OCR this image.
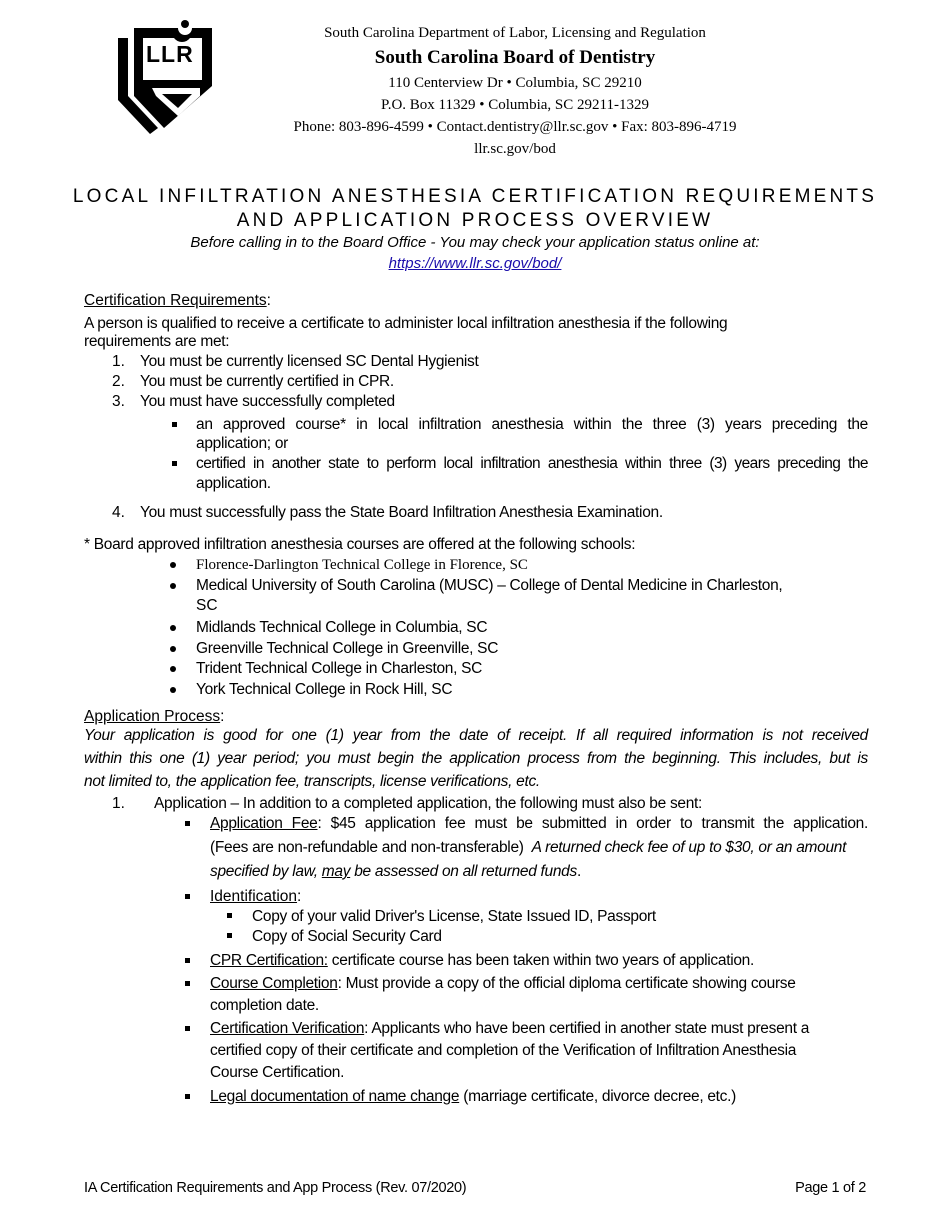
LLR
South Carolina Department of Labor, Licensing and Regulation
South Carolina Board of Dentistry
110 Centerview Dr • Columbia, SC 29210
P.O. Box 11329 • Columbia, SC 29211-1329
Phone: 803-896-4599 • Contact.dentistry@llr.sc.gov • Fax: 803-896-4719
llr.sc.gov/bod
LOCAL INFILTRATION ANESTHESIA CERTIFICATION REQUIREMENTS
AND APPLICATION PROCESS OVERVIEW
Before calling in to the Board Office - You may check your application status online at:
https://www.llr.sc.gov/bod/
Certification Requirements:
A person is qualified to receive a certificate to administer local infiltration anesthesia if the following
requirements are met:
1. You must be currently licensed SC Dental Hygienist
2. You must be currently certified in CPR.
3. You must have successfully completed
an approved course* in local infiltration anesthesia within the three (3) years preceding the
application; or
certified in another state to perform local infiltration anesthesia within three (3) years preceding the
application.
4. You must successfully pass the State Board Infiltration Anesthesia Examination.
* Board approved infiltration anesthesia courses are offered at the following schools:
Florence-Darlington Technical College in Florence, SC
Medical University of South Carolina (MUSC) – College of Dental Medicine in Charleston,
SC
Midlands Technical College in Columbia, SC
Greenville Technical College in Greenville, SC
Trident Technical College in Charleston, SC
York Technical College in Rock Hill, SC
Application Process:
Your application is good for one (1) year from the date of receipt. If all required information is not received
within this one (1) year period; you must begin the application process from the beginning. This includes, but is
not limited to, the application fee, transcripts, license verifications, etc.
1. Application – In addition to a completed application, the following must also be sent:
Application Fee: $45 application fee must be submitted in order to transmit the application.
(Fees are non-refundable and non-transferable) A returned check fee of up to $30, or an amount
specified by law, may be assessed on all returned funds.
Identification:
Copy of your valid Driver's License, State Issued ID, Passport
Copy of Social Security Card
CPR Certification: certificate course has been taken within two years of application.
Course Completion: Must provide a copy of the official diploma certificate showing course
completion date.
Certification Verification: Applicants who have been certified in another state must present a
certified copy of their certificate and completion of the Verification of Infiltration Anesthesia
Course Certification.
Legal documentation of name change (marriage certificate, divorce decree, etc.)
IA Certification Requirements and App Process (Rev. 07/2020)	Page 1 of 2
